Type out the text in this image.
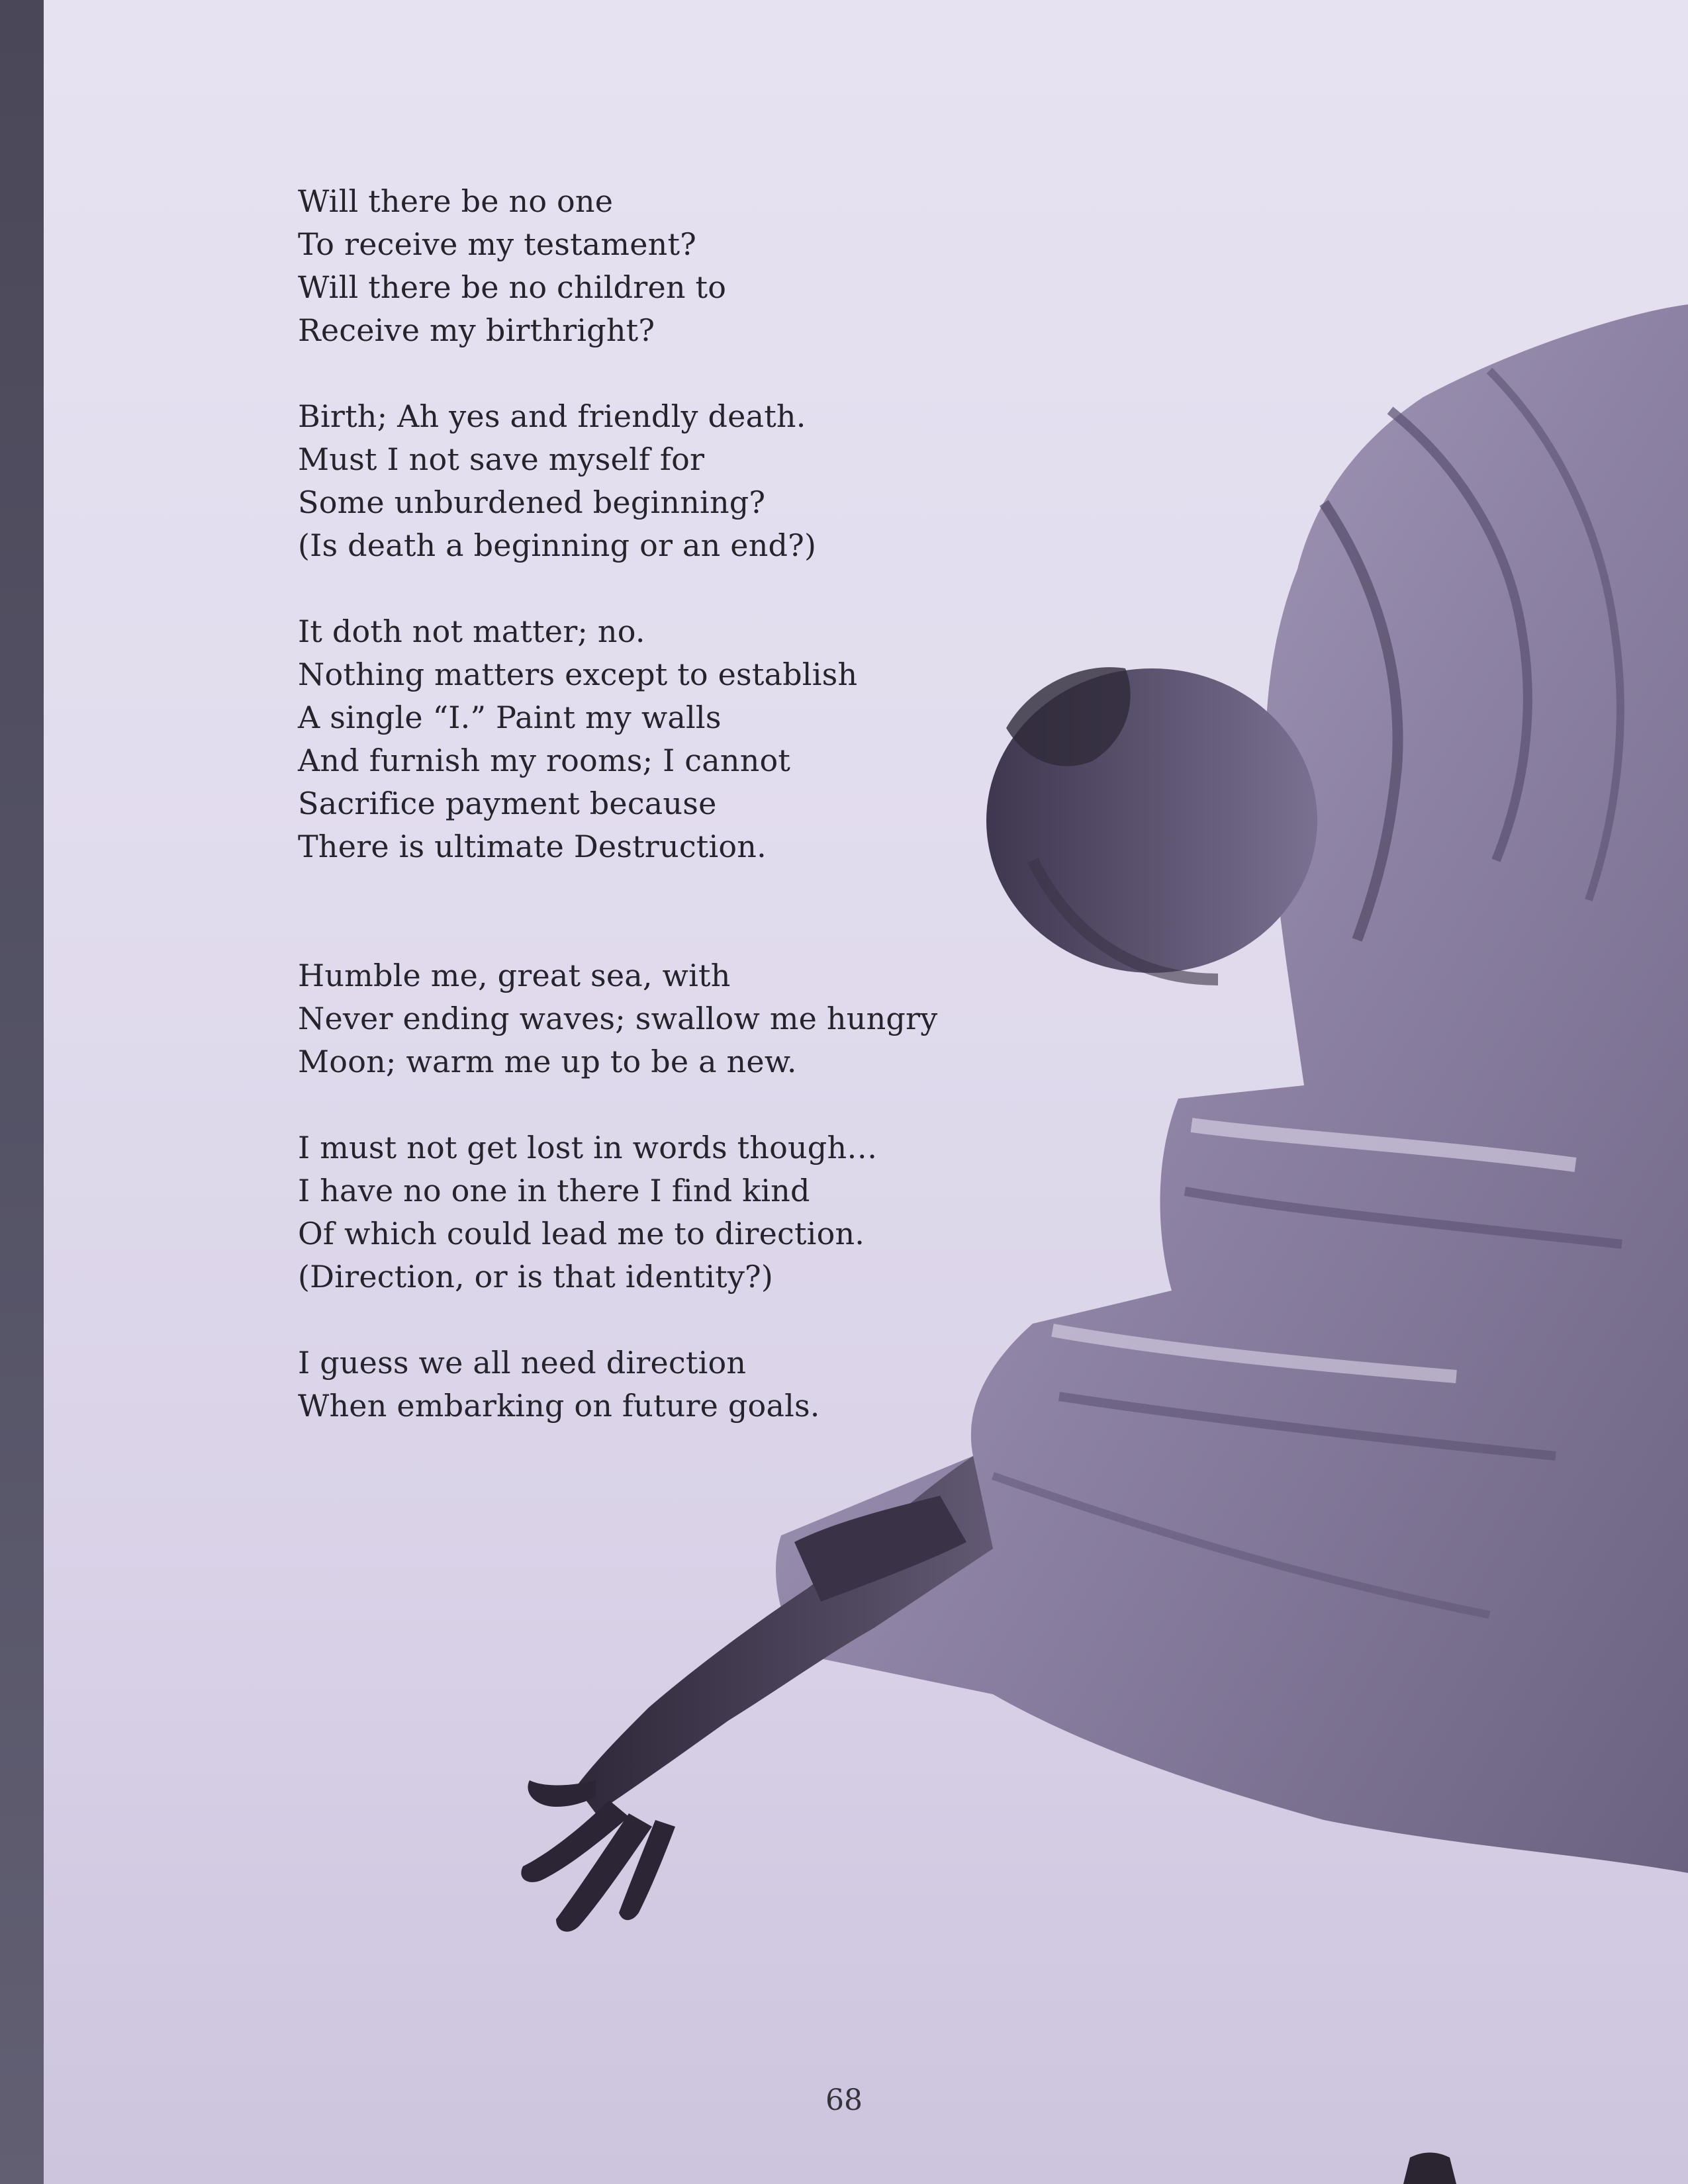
Will there be no one
To receive my testament?
Will there be no children to
Receive my birthright?
Birth; Ah yes and friendly death.
Must I not save myself for
Some unburdened beginning?
(Is death a beginning or an end?)
It doth not matter; no.
Nothing matters except to establish
A single “I.” Paint my walls
And furnish my rooms; I cannot
Sacrifice payment because
There is ultimate Destruction.
Humble me, great sea, with
Never ending waves; swallow me hungry
Moon; warm me up to be a new.
I must not get lost in words though…
I have no one in there I find kind
Of which could lead me to direction.
(Direction, or is that identity?)
I guess we all need direction
When embarking on future goals.
68
